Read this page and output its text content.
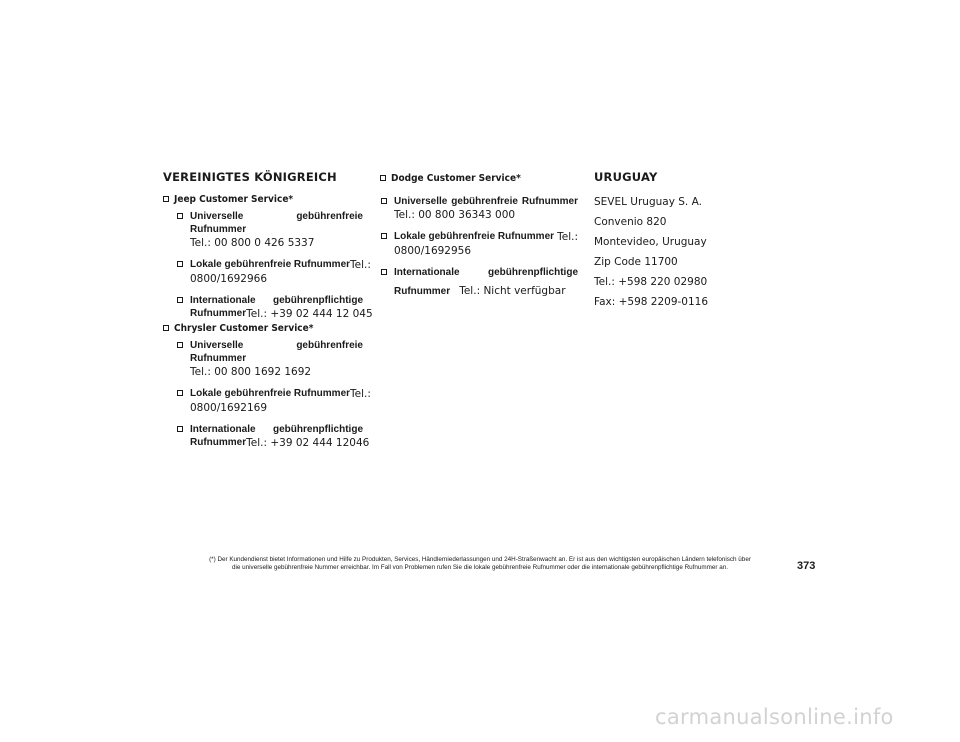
VEREINIGTES KÖNIGREICH
Jeep Customer Service*
Universelle gebührenfreie Rufnummer
Tel.: 00 800 0 426 5337
Lokale gebührenfreie Rufnummer Tel.:
0800/1692966
Internationale gebührenpflichtige
Rufnummer Tel.: +39 02 444 12 045
Chrysler Customer Service*
Universelle gebührenfreie Rufnummer
Tel.: 00 800 1692 1692
Lokale gebührenfreie Rufnummer Tel.:
0800/1692169
Internationale gebührenpflichtige
Rufnummer Tel.: +39 02 444 12046
Dodge Customer Service*
Universelle gebührenfreie Rufnummer
Tel.: 00 800 36343 000
Lokale gebührenfreie Rufnummer Tel.:
0800/1692956
Internationale	gebührenpflichtige
Rufnummer Tel.: Nicht verfügbar
URUGUAY
SEVEL Uruguay S. A.
Convenio 820
Montevideo, Uruguay
Zip Code 11700
Tel.: +598 220 02980
Fax: +598 2209-0116
(*) Der Kundendienst bietet Informationen und Hilfe zu Produkten, Services, Händlerniederlassungen und 24H-Straßenwacht an. Er ist aus den wichtigsten europäischen Ländern telefonisch über
die universelle gebührenfreie Nummer erreichbar. Im Fall von Problemen rufen Sie die lokale gebührenfreie Rufnummer oder die internationale gebührenpflichtige Rufnummer an.	373
carmanualsonline.info
